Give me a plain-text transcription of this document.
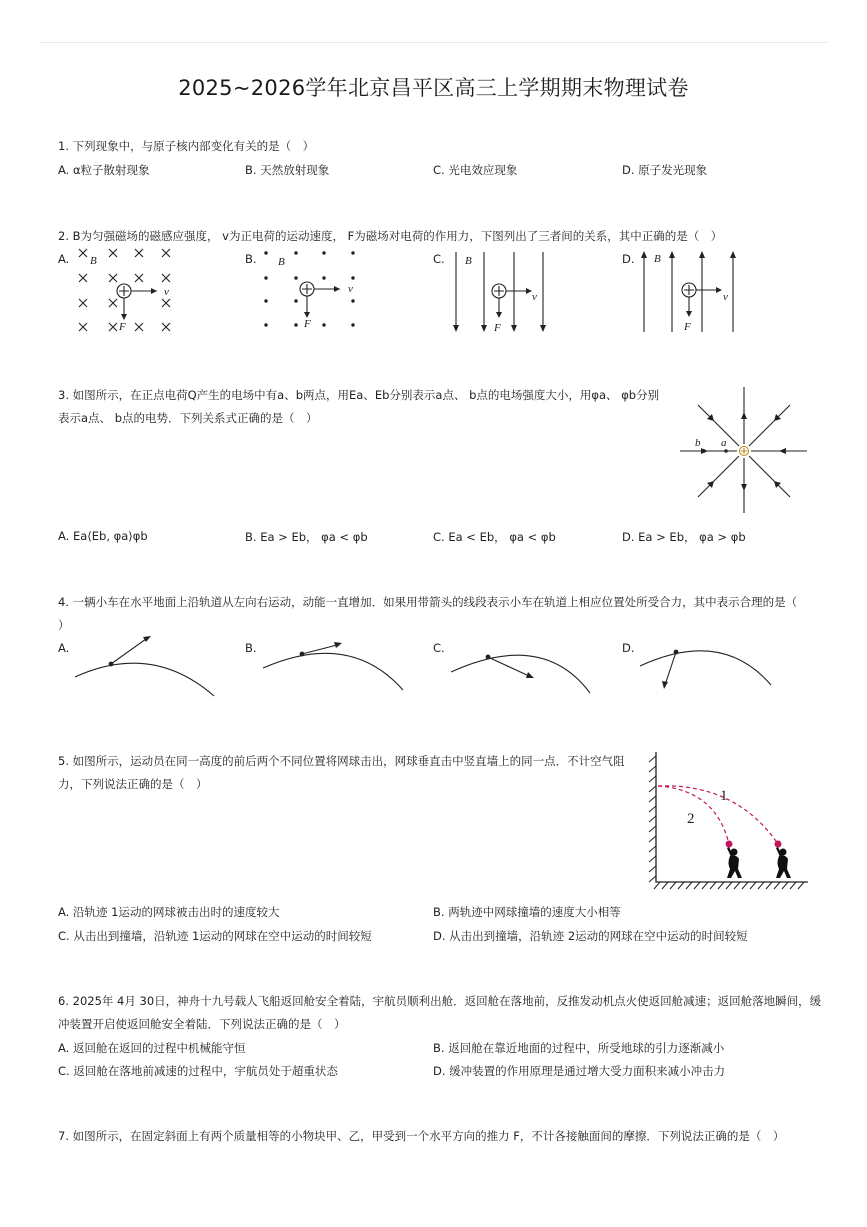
2025~2026学年北京昌平区高三上学期期末物理试卷
1. 下列现象中，与原子核内部变化有关的是（　）
A. α粒子散射现象	B. 天然放射现象	C. 光电效应现象	D. 原子发光现象
2. B为匀强磁场的磁感应强度， v为正电荷的运动速度， F为磁场对电荷的作用力，下图列出了三者间的关系，其中正确的是（　）
A.	B.	C.	D.
B
v
F
B
v
F
B
v
F
B
v
F
3. 如图所示，在正点电荷Q产生的电场中有a、b两点，用Ea、Eb分别表示a点、 b点的电场强度大小，用φa、 φb分别
表示a点、 b点的电势．下列关系式正确的是（　）
a
b
A. Ea⟨Eb, φa⟩φb	B. Ea > Eb， φa < φb	C. Ea < Eb， φa < φb	D. Ea > Eb， φa > φb
4. 一辆小车在水平地面上沿轨道从左向右运动，动能一直增加．如果用带箭头的线段表示小车在轨道上相应位置处所受合力，其中表示合理的是（
）
A.	B.	C.	D.
5. 如图所示，运动员在同一高度的前后两个不同位置将网球击出，网球垂直击中竖直墙上的同一点．不计空气阻
力，下列说法正确的是（　）
1
2
A. 沿轨迹 1运动的网球被击出时的速度较大	B. 两轨迹中网球撞墙的速度大小相等
C. 从击出到撞墙，沿轨迹 1运动的网球在空中运动的时间较短	D. 从击出到撞墙，沿轨迹 2运动的网球在空中运动的时间较短
6. 2025年 4月 30日，神舟十九号载人飞船返回舱安全着陆，宇航员顺利出舱．返回舱在落地前，反推发动机点火使返回舱减速；返回舱落地瞬间，缓
冲装置开启使返回舱安全着陆．下列说法正确的是（　）
A. 返回舱在返回的过程中机械能守恒	B. 返回舱在靠近地面的过程中，所受地球的引力逐渐减小
C. 返回舱在落地前减速的过程中，宇航员处于超重状态	D. 缓冲装置的作用原理是通过增大受力面积来减小冲击力
7. 如图所示，在固定斜面上有两个质量相等的小物块甲、乙，甲受到一个水平方向的推力 F，不计各接触面间的摩擦．下列说法正确的是（　）
